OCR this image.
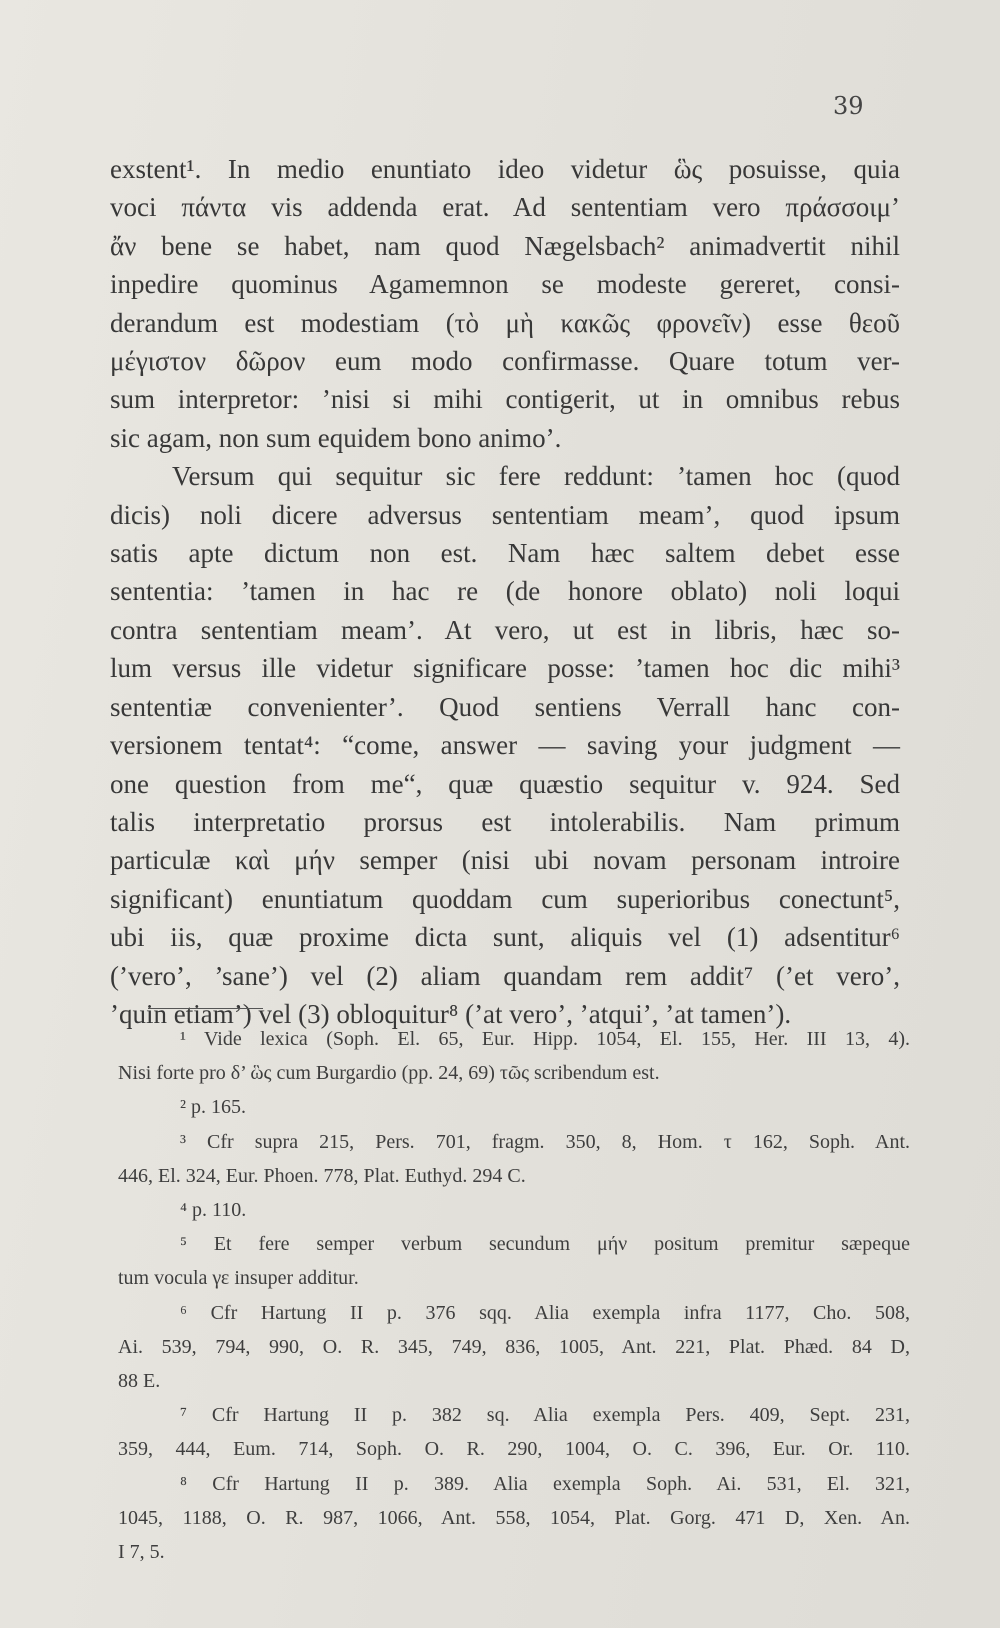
39
exstent¹. In medio enuntiato ideo videtur ὣς posuisse, quia
voci πάντα vis addenda erat. Ad sententiam vero πράσσοιμ’
ἄν bene se habet, nam quod Nægelsbach² animadvertit nihil
inpedire quominus Agamemnon se modeste gereret, consi-
derandum est modestiam (τὸ μὴ κακῶς φρονεῖν) esse θεοῦ
μέγιστον δῶρον eum modo confirmasse. Quare totum ver-
sum interpretor: ’nisi si mihi contigerit, ut in omnibus rebus
sic agam, non sum equidem bono animo’.
Versum qui sequitur sic fere reddunt: ’tamen hoc (quod
dicis) noli dicere adversus sententiam meam’, quod ipsum
satis apte dictum non est. Nam hæc saltem debet esse
sententia: ’tamen in hac re (de honore oblato) noli loqui
contra sententiam meam’. At vero, ut est in libris, hæc so-
lum versus ille videtur significare posse: ’tamen hoc dic mihi³
sententiæ convenienter’. Quod sentiens Verrall hanc con-
versionem tentat⁴: “come, answer — saving your judgment —
one question from me“, quæ quæstio sequitur v. 924. Sed
talis interpretatio prorsus est intolerabilis. Nam primum
particulæ καὶ μήν semper (nisi ubi novam personam introire
significant) enuntiatum quoddam cum superioribus conectunt⁵,
ubi iis, quæ proxime dicta sunt, aliquis vel (1) adsentitur⁶
(’vero’, ’sane’) vel (2) aliam quandam rem addit⁷ (’et vero’,
’quin etiam’) vel (3) obloquitur⁸ (’at vero’, ’atqui’, ’at tamen’).
¹ Vide lexica (Soph. El. 65, Eur. Hipp. 1054, El. 155, Her. III 13, 4).
Nisi forte pro δ’ ὣς cum Burgardio (pp. 24, 69) τῶς scribendum est.
² p. 165.
³ Cfr supra 215, Pers. 701, fragm. 350, 8, Hom. τ 162, Soph. Ant.
446, El. 324, Eur. Phoen. 778, Plat. Euthyd. 294 C.
⁴ p. 110.
⁵ Et fere semper verbum secundum μήν positum premitur sæpeque
tum vocula γε insuper additur.
⁶ Cfr Hartung II p. 376 sqq. Alia exempla infra 1177, Cho. 508,
Ai. 539, 794, 990, O. R. 345, 749, 836, 1005, Ant. 221, Plat. Phæd. 84 D,
88 E.
⁷ Cfr Hartung II p. 382 sq. Alia exempla Pers. 409, Sept. 231,
359, 444, Eum. 714, Soph. O. R. 290, 1004, O. C. 396, Eur. Or. 110.
⁸ Cfr Hartung II p. 389. Alia exempla Soph. Ai. 531, El. 321,
1045, 1188, O. R. 987, 1066, Ant. 558, 1054, Plat. Gorg. 471 D, Xen. An.
I 7, 5.
